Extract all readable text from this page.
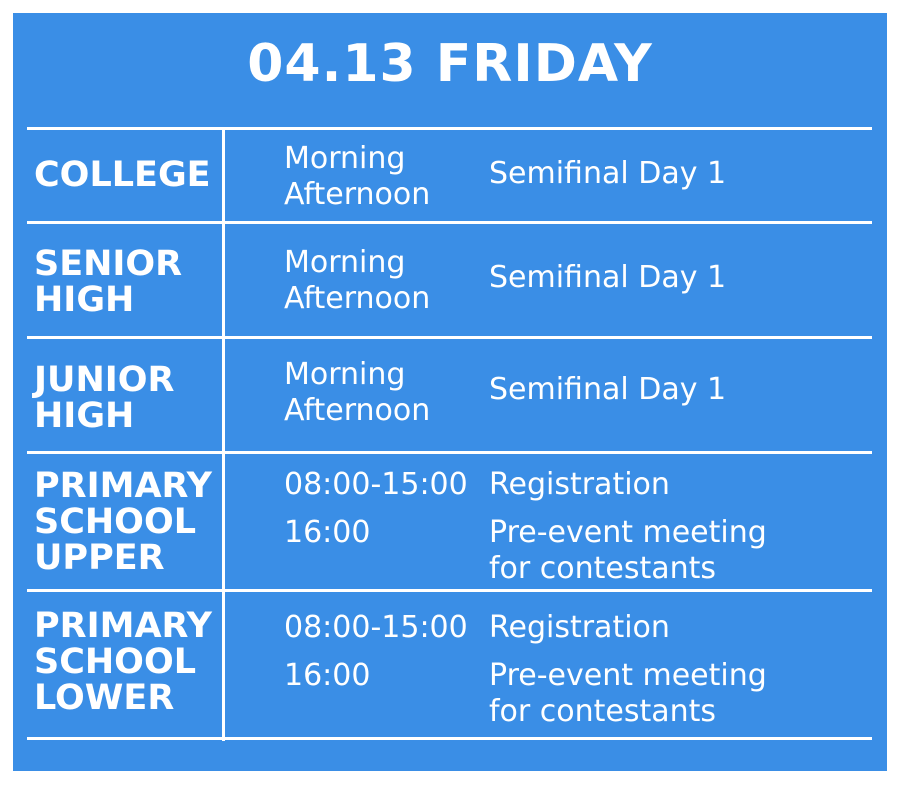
04.13 FRIDAY
COLLEGE Morning
Afternoon
Semifinal Day 1
SENIOR
HIGH
Morning
Afternoon
Semifinal Day 1
JUNIOR
HIGH
Morning
Afternoon
Semifinal Day 1
PRIMARY
SCHOOL
UPPER
08:00-15:00
16:00
Registration
Pre-event meeting
for contestants
PRIMARY
SCHOOL
LOWER
08:00-15:00
16:00
Registration
Pre-event meeting
for contestants
